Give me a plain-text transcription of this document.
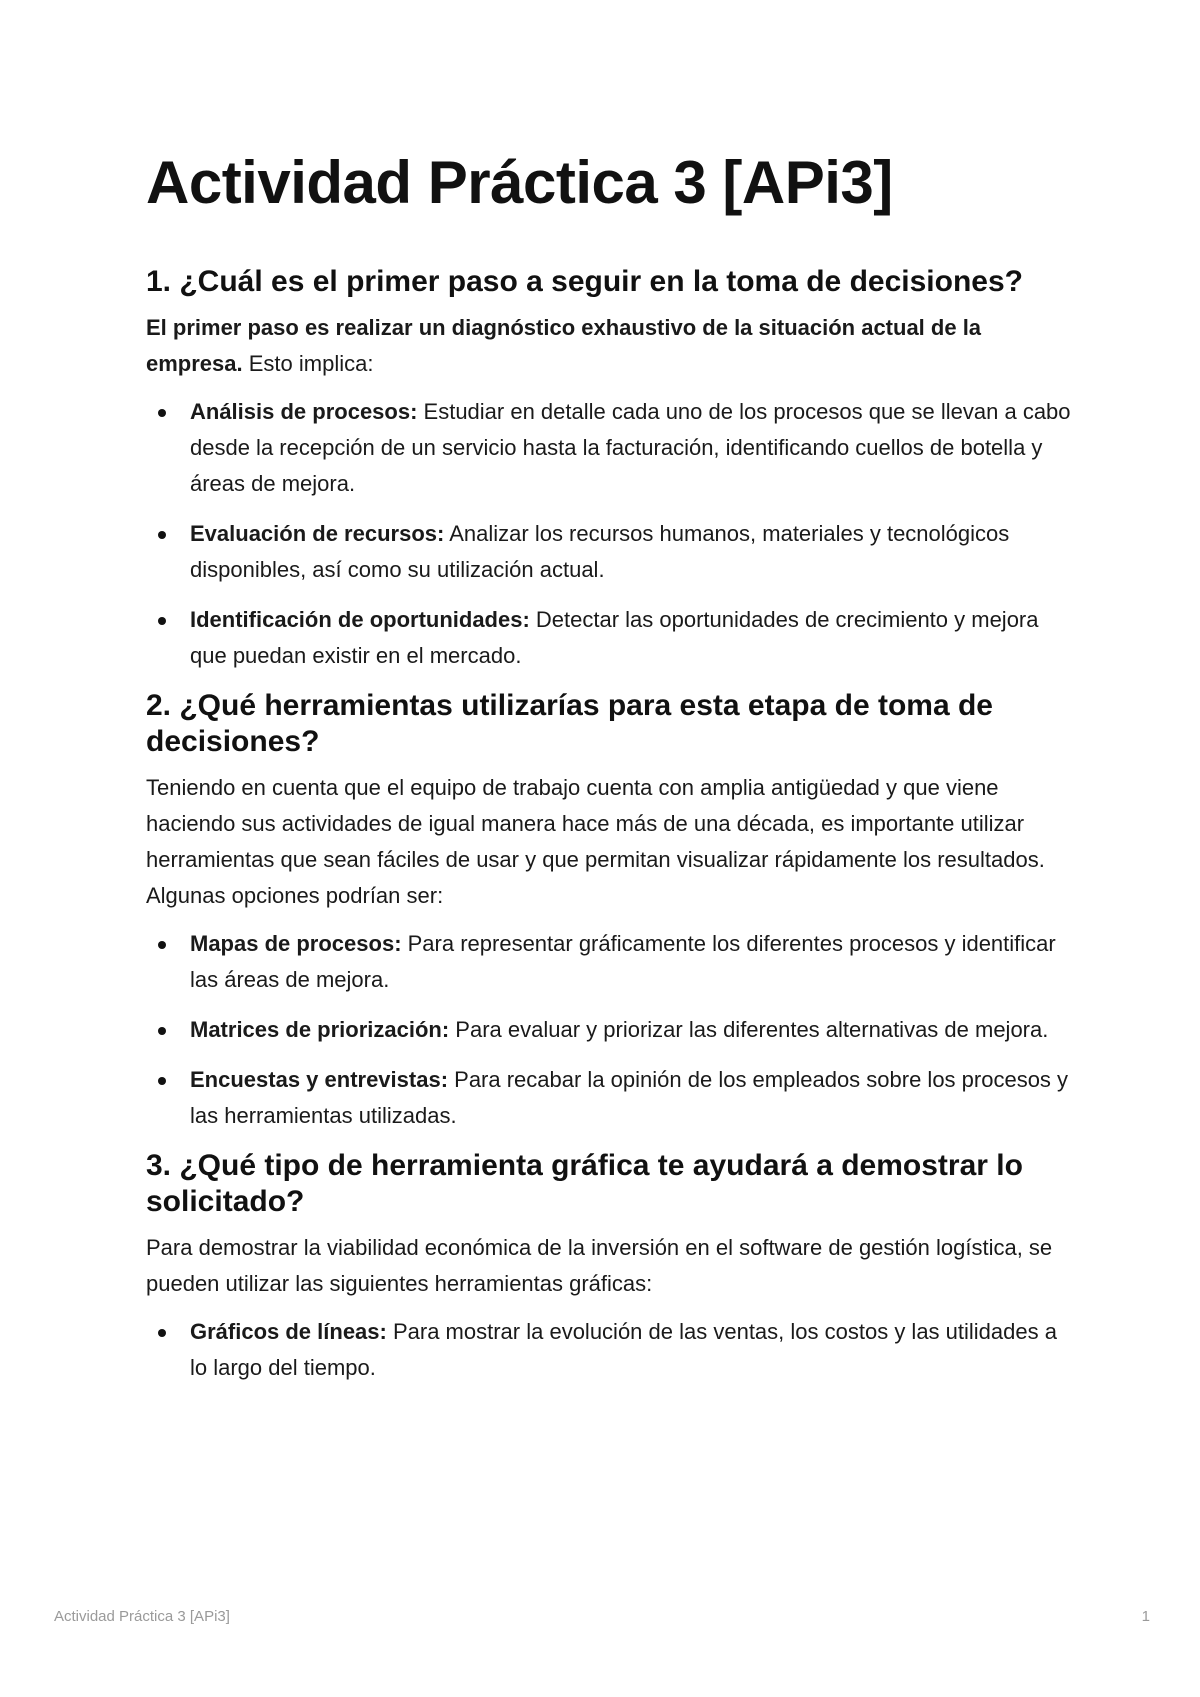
Actividad Práctica 3 [APi3]
1. ¿Cuál es el primer paso a seguir en la toma de decisiones?

El primer paso es realizar un diagnóstico exhaustivo de la situación actual de la empresa. Esto implica:

Análisis de procesos: Estudiar en detalle cada uno de los procesos que se llevan a cabo desde la recepción de un servicio hasta la facturación, identificando cuellos de botella y áreas de mejora.
Evaluación de recursos: Analizar los recursos humanos, materiales y tecnológicos disponibles, así como su utilización actual.
Identificación de oportunidades: Detectar las oportunidades de crecimiento y mejora que puedan existir en el mercado.
2. ¿Qué herramientas utilizarías para esta etapa de toma de decisiones?

Teniendo en cuenta que el equipo de trabajo cuenta con amplia antigüedad y que viene haciendo sus actividades de igual manera hace más de una década, es importante utilizar herramientas que sean fáciles de usar y que permitan visualizar rápidamente los resultados. Algunas opciones podrían ser:

Mapas de procesos: Para representar gráficamente los diferentes procesos y identificar las áreas de mejora.
Matrices de priorización: Para evaluar y priorizar las diferentes alternativas de mejora.
Encuestas y entrevistas: Para recabar la opinión de los empleados sobre los procesos y las herramientas utilizadas.
3. ¿Qué tipo de herramienta gráfica te ayudará a demostrar lo solicitado?

Para demostrar la viabilidad económica de la inversión en el software de gestión logística, se pueden utilizar las siguientes herramientas gráficas:

Gráficos de líneas: Para mostrar la evolución de las ventas, los costos y las utilidades a lo largo del tiempo.
Actividad Práctica 3 [APi3]	1
